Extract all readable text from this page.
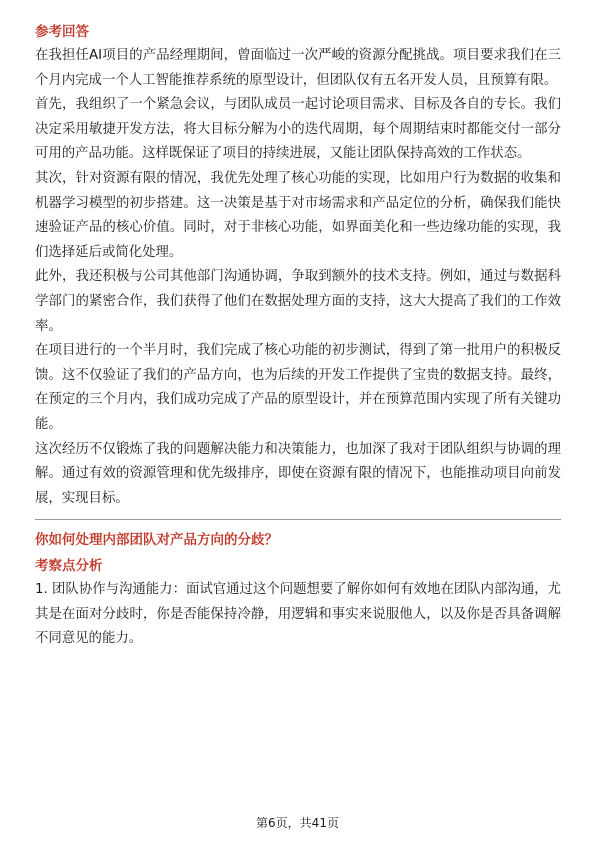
参考回答

在我担任AI项目的产品经理期间，曾面临过一次严峻的资源分配挑战。项目要求我们在三个月内完成一个人工智能推荐系统的原型设计，但团队仅有五名开发人员，且预算有限。

首先，我组织了一个紧急会议，与团队成员一起讨论项目需求、目标及各自的专长。我们决定采用敏捷开发方法，将大目标分解为小的迭代周期，每个周期结束时都能交付一部分可用的产品功能。这样既保证了项目的持续进展，又能让团队保持高效的工作状态。

其次，针对资源有限的情况，我优先处理了核心功能的实现，比如用户行为数据的收集和机器学习模型的初步搭建。这一决策是基于对市场需求和产品定位的分析，确保我们能快速验证产品的核心价值。同时，对于非核心功能，如界面美化和一些边缘功能的实现，我们选择延后或简化处理。

此外，我还积极与公司其他部门沟通协调，争取到额外的技术支持。例如，通过与数据科学部门的紧密合作，我们获得了他们在数据处理方面的支持，这大大提高了我们的工作效率。

在项目进行的一个半月时，我们完成了核心功能的初步测试，得到了第一批用户的积极反馈。这不仅验证了我们的产品方向，也为后续的开发工作提供了宝贵的数据支持。最终，在预定的三个月内，我们成功完成了产品的原型设计，并在预算范围内实现了所有关键功能。

这次经历不仅锻炼了我的问题解决能力和决策能力，也加深了我对于团队组织与协调的理解。通过有效的资源管理和优先级排序，即使在资源有限的情况下，也能推动项目向前发展，实现目标。

你如何处理内部团队对产品方向的分歧？

考察点分析

1. 团队协作与沟通能力：面试官通过这个问题想要了解你如何有效地在团队内部沟通，尤其是在面对分歧时，你是否能保持冷静，用逻辑和事实来说服他人，以及你是否具备调解不同意见的能力。

第6页，共41页
